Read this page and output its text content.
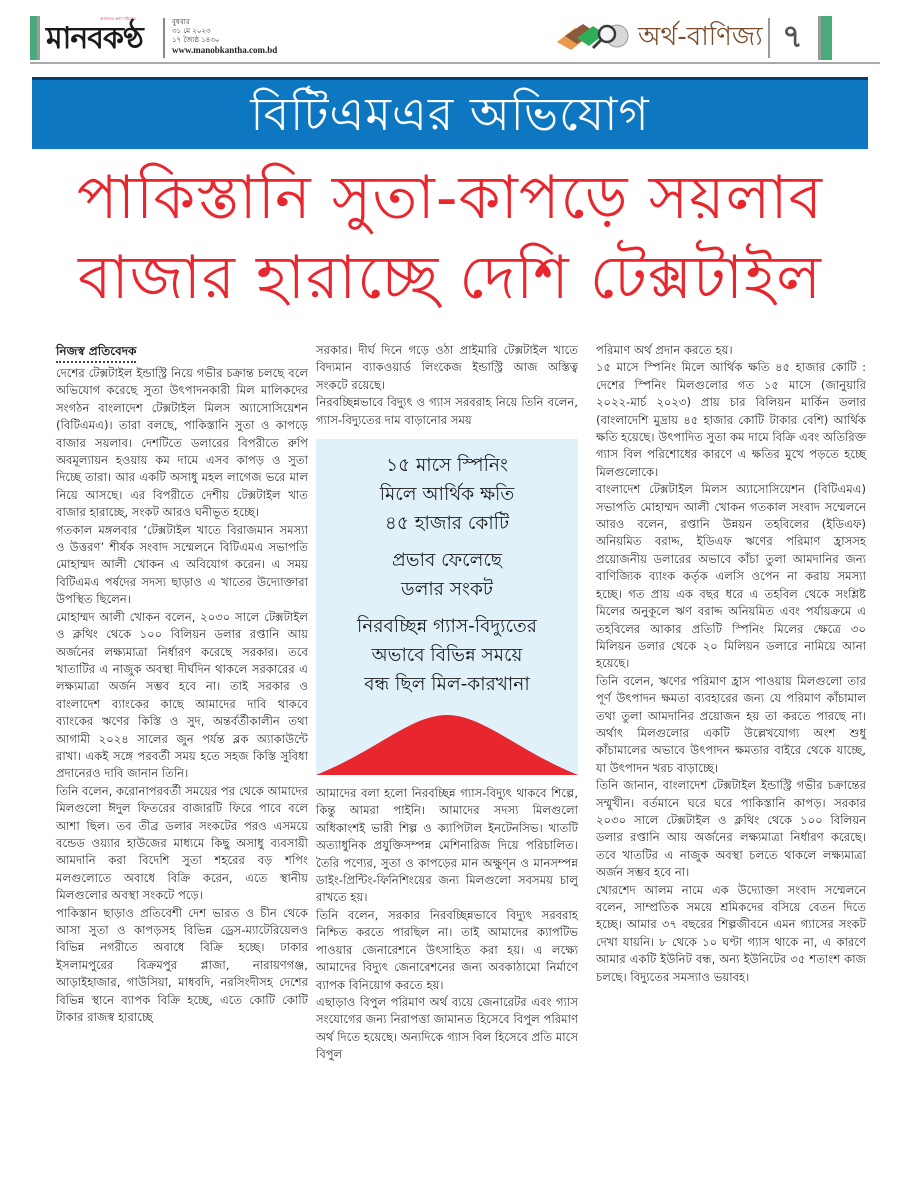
আমাদের কথা পাঠকের
মানবকণ্ঠ	বুধবার
৩১ মে ২০২৩
১৭ জ্যৈষ্ঠ ১৪৩০
www.manobkantha.com.bd	অর্থ-বাণিজ্য ৭
বিটিএমএর অভিযোগ
পাকিস্তানি সুতা-কাপড়ে সয়লাব
বাজার হারাচ্ছে দেশি টেক্সটাইল
নিজস্ব প্রতিবেদক

দেশের টেক্সটাইল ইন্ডাস্ট্রি নিয়ে গভীর চক্রান্ত চলছে বলে অভিযোগ করেছে সুতা উৎপাদনকারী মিল মালিকদের সংগঠন বাংলাদেশ টেক্সটাইল মিলস অ্যাসোসিয়েশন (বিটিএমএ)। তারা বলছে, পাকিস্তানি সুতা ও কাপড়ে বাজার সয়লাব। দেশটিতে ডলারের বিপরীতে রুপি অবমূল্যায়ন হওয়ায় কম দামে এসব কাপড় ও সুতা দিচ্ছে তারা। আর একটি অসাধু মহল লাগেজ ভরে মাল নিয়ে আসছে। এর বিপরীতে দেশীয় টেক্সটাইল খাত বাজার হারাচ্ছে, সংকট আরও ঘনীভূত হচ্ছে।

গতকাল মঙ্গলবার ‘টেক্সটাইল খাতে বিরাজমান সমস্যা ও উত্তরণ’ শীর্ষক সংবাদ সম্মেলনে বিটিএমএ সভাপতি মোহাম্মদ আলী খোকন এ অবিযোগ করেন। এ সময় বিটিএমএ পর্ষদের সদস্য ছাড়াও এ খাতের উদ্যোক্তারা উপস্থিত ছিলেন।

মোহাম্মদ আলী খোকন বলেন, ২০৩০ সালে টেক্সটাইল ও ক্লথিং থেকে ১০০ বিলিয়ন ডলার রপ্তানি আয় অর্জনের লক্ষ্যমাত্রা নির্ধারণ করেছে সরকার। তবে খাতাটির এ নাজুক অবস্থা দীর্ঘদিন থাকলে সরকারের এ লক্ষ্যমাত্রা অর্জন সম্ভব হবে না। তাই সরকার ও বাংলাদেশ ব্যাংকের কাছে আমাদের দাবি থাকবে ব্যাংকের ঋণের কিস্তি ও সুদ, অন্তর্বর্তীকালীন তথা আগামী ২০২৪ সালের জুন পর্যন্ত ব্লক অ্যাকাউন্টে রাখা। একই সঙ্গে পরবর্তী সময় হতে সহজ কিস্তি সুবিধা প্রদানেরও দাবি জানান তিনি।

তিনি বলেন, করোনাপরবর্তী সময়ের পর থেকে আমাদের মিলগুলো ঈদুল ফিতরের বাজারটি ফিরে পাবে বলে আশা ছিল। তব তীব্র ডলার সংকটের পরও এসময়ে বন্ডেড ওয়্যার হাউজের মাধ্যমে কিছু অসাধু ব্যবসায়ী আমদানি করা বিদেশি সুতা শহরের বড় শপিং মলগুলোতে অবাধে বিক্রি করেন, এতে স্থানীয় মিলগুলোর অবস্থা সংকটে পড়ে।

পাকিস্তান ছাড়াও প্রতিবেশী দেশ ভারত ও চীন থেকে আসা সুতা ও কাপড়সহ বিভিন্ন ড্রেস-ম্যাটেরিয়েলও বিভিন্ন নগরীতে অবাধে বিক্রি হচ্ছে। ঢাকার ইসলামপুরের বিক্রমপুর প্লাজা, নারায়ণগঞ্জ, আড়াইহাজার, গাউসিয়া, মাধবদি, নরসিংদীসহ দেশের বিভিন্ন স্থানে ব্যাপক বিক্রি হচ্ছে, এতে কোটি কোটি টাকার রাজস্ব হারাচ্ছে

সরকার। দীর্ঘ দিনে গড়ে ওঠা প্রাইমারি টেক্সটাইল খাতে বিদ্যমান ব্যাকওয়ার্ড লিংকেজ ইন্ডাস্ট্রি আজ অস্তিত্ব সংকটে রয়েছে।

নিরবচ্ছিন্নভাবে বিদ্যুৎ ও গ্যাস সরবরাহ নিয়ে তিনি বলেন, গ্যাস-বিদ্যুতের দাম বাড়ানোর সময়

১৫ মাসে স্পিনিং
মিলে আর্থিক ক্ষতি
৪৫ হাজার কোটি
প্রভাব ফেলেছে
ডলার সংকট
নিরবচ্ছিন্ন গ্যাস-বিদ্যুতের
অভাবে বিভিন্ন সময়ে
বন্ধ ছিল মিল-কারখানা

আমাদের বলা হলো নিরবচ্ছিন্ন গ্যাস-বিদ্যুৎ থাকবে শিল্পে, কিন্তু আমরা পাইনি। আমাদের সদস্য মিলগুলো অধিকাংশই ভারী শিল্প ও ক্যাপিটাল ইনটেনসিভ। খাতটি অত্যাধুনিক প্রযুক্তিসম্পন্ন মেশিনারিজ দিয়ে পরিচালিত। তৈরি পণ্যের, সুতা ও কাপড়ের মান অক্ষুণ্ন ও মানসম্পন্ন ডাইং-প্রিন্টিং-ফিনিশিংয়ের জন্য মিলগুলো সবসময় চালু রাখতে হয়।

তিনি বলেন, সরকার নিরবচ্ছিন্নভাবে বিদ্যুৎ সরবরাহ নিশ্চিত করতে পারছিল না। তাই আমাদের ক্যাপটিভ পাওয়ার জেনারেশনে উৎসাহিত করা হয়। এ লক্ষ্যে আমাদের বিদ্যুৎ জেনারেশনের জন্য অবকাঠামো নির্মাণে ব্যাপক বিনিয়োগ করতে হয়।

এছাড়াও বিপুল পরিমাণ অর্থ ব্যয়ে জেনারেটর এবং গ্যাস সংযোগের জন্য নিরাপত্তা জামানত হিসেবে বিপুল পরিমাণ অর্থ দিতে হয়েছে। অন্যদিকে গ্যাস বিল হিসেবে প্রতি মাসে বিপুল

পরিমাণ অর্থ প্রদান করতে হয়।

১৫ মাসে স্পিনিং মিলে আর্থিক ক্ষতি ৪৫ হাজার কোটি : দেশের স্পিনিং মিলগুলোর গত ১৫ মাসে (জানুয়ারি ২০২২-মার্চ ২০২৩) প্রায় চার বিলিয়ন মার্কিন ডলার (বাংলাদেশি মুদ্রায় ৪৫ হাজার কোটি টাকার বেশি) আর্থিক ক্ষতি হয়েছে। উৎপাদিত সুতা কম দামে বিক্রি এবং অতিরিক্ত গ্যাস বিল পরিশোধের কারণে এ ক্ষতির মুখে পড়তে হচ্ছে মিলগুলোকে।

বাংলাদেশ টেক্সটাইল মিলস অ্যাসোসিয়েশন (বিটিএমএ) সভাপতি মোহাম্মদ আলী খোকন গতকাল সংবাদ সম্মেলনে আরও বলেন, রপ্তানি উন্নয়ন তহবিলের (ইডিএফ) অনিয়মিত বরাদ্দ, ইডিএফ ঋণের পরিমাণ হ্রাসসহ প্রয়োজনীয় ডলারের অভাবে কাঁচা তুলা আমদানির জন্য বাণিজ্যিক ব্যাংক কর্তৃক এলসি ওপেন না করায় সমস্যা হচ্ছে। গত প্রায় এক বছর ধরে এ তহবিল থেকে সংশ্লিষ্ট মিলের অনুকূলে ঋণ বরাদ্দ অনিয়মিত এবং পর্যায়ক্রমে এ তহবিলের আকার প্রতিটি স্পিনিং মিলের ক্ষেত্রে ৩০ মিলিয়ন ডলার থেকে ২০ মিলিয়ন ডলারে নামিয়ে আনা হয়েছে।

তিনি বলেন, ঋণের পরিমাণ হ্রাস পাওয়ায় মিলগুলো তার পূর্ণ উৎপাদন ক্ষমতা ব্যবহারের জন্য যে পরিমাণ কাঁচামাল তথা তুলা আমদানির প্রয়োজন হয় তা করতে পারছে না। অর্থাৎ মিলগুলোর একটি উল্লেখযোগ্য অংশ শুধু কাঁচামালের অভাবে উৎপাদন ক্ষমতার বাইরে থেকে যাচ্ছে, যা উৎপাদন খরচ বাড়াচ্ছে।

তিনি জানান, বাংলাদেশ টেক্সটাইল ইন্ডাস্ট্রি গভীর চক্রান্তের সম্মুখীন। বর্তমানে ঘরে ঘরে পাকিস্তানি কাপড়। সরকার ২০৩০ সালে টেক্সটাইল ও ক্লথিং থেকে ১০০ বিলিয়ন ডলার রপ্তানি আয় অর্জনের লক্ষ্যমাত্রা নির্ধারণ করেছে। তবে খাতটির এ নাজুক অবস্থা চলতে থাকলে লক্ষ্যমাত্রা অর্জন সম্ভব হবে না।

খোরশেদ আলম নামে এক উদ্যোক্তা সংবাদ সম্মেলনে বলেন, সাম্প্রতিক সময়ে শ্রমিকদের বসিয়ে বেতন দিতে হচ্ছে। আমার ৩৭ বছরের শিল্পজীবনে এমন গ্যাসের সংকট দেখা যায়নি। ৮ থেকে ১০ ঘণ্টা গ্যাস থাকে না, এ কারণে আমার একটি ইউনিট বন্ধ, অন্য ইউনিটের ৩৫ শতাংশ কাজ চলছে। বিদ্যুতের সমস্যাও ভয়াবহ।
